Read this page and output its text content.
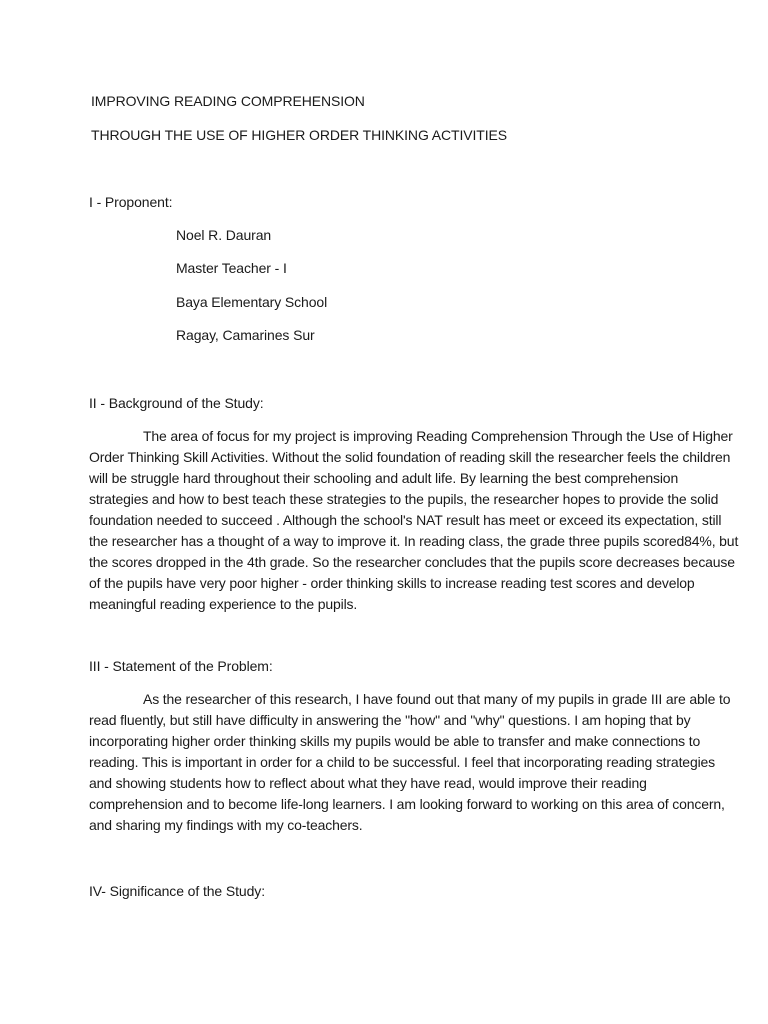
IMPROVING READING COMPREHENSION

THROUGH THE USE OF HIGHER ORDER THINKING ACTIVITIES

I - Proponent:

Noel R. Dauran

Master Teacher - I

Baya Elementary School

Ragay, Camarines Sur

II - Background of the Study:

The area of focus for my project is improving Reading Comprehension Through the Use of Higher
Order Thinking Skill Activities. Without the solid foundation of reading skill the researcher feels the children
will be struggle hard throughout their schooling and adult life. By learning the best comprehension
strategies and how to best teach these strategies to the pupils, the researcher hopes to provide the solid
foundation needed to succeed . Although the school's NAT result has meet or exceed its expectation, still
the researcher has a thought of a way to improve it. In reading class, the grade three pupils scored84%, but
the scores dropped in the 4th grade. So the researcher concludes that the pupils score decreases because
of the pupils have very poor higher - order thinking skills to increase reading test scores and develop
meaningful reading experience to the pupils.

III - Statement of the Problem:

As the researcher of this research, I have found out that many of my pupils in grade III are able to
read fluently, but still have difficulty in answering the "how" and "why" questions. I am hoping that by
incorporating higher order thinking skills my pupils would be able to transfer and make connections to
reading. This is important in order for a child to be successful. I feel that incorporating reading strategies
and showing students how to reflect about what they have read, would improve their reading
comprehension and to become life-long learners. I am looking forward to working on this area of concern,
and sharing my findings with my co-teachers.

IV- Significance of the Study:
